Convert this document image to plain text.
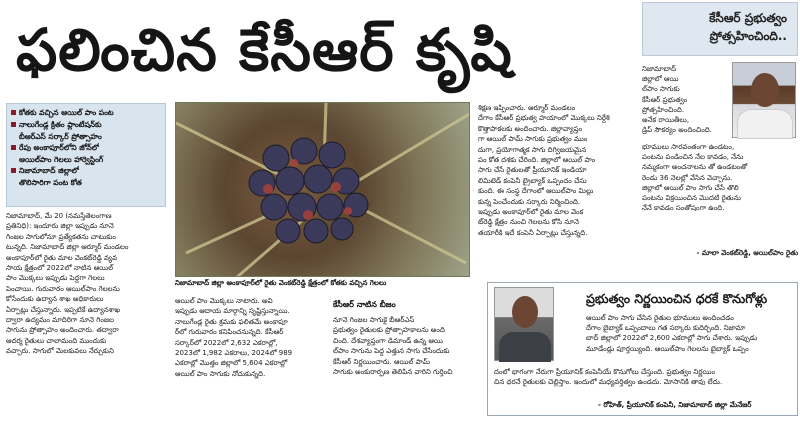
ఫలించిన కేసీఆర్ కృషి	కేసీఆర్ ప్రభుత్వం
ప్రోత్సహించింది..
నిజామాబాద్
జిల్లాలో ఆయి
ల్‌పాం సాగుకు
కేసీఆర్ ప్రభుత్వం
ప్రోత్సహించింది.
అనేక రాయితీలు,
డ్రిప్ సౌకర్యం అందించింది.
భూములు సారవంతంగా ఉండటం,
పంటను పండించిన నేల కావడం, నేను
నమ్మకంగా అంచనాలను తో ఉండటంతో
రెండు 36 నెలల్లో వేసిన వెచ్చాను.
జిల్లాలో ఆయిల్ పాం సాగు చేసే తొలి
పంటను విక్రయించిన మొదటి రైతును
నేనే కావడం సంతోషంగా ఉంది.
- మాలా వెంకట్‌రెడ్డి, ఆయిల్‌పాం రైతు
కోతకు వచ్చిన ఆయిల్ పాం పంట
నాలుగేండ్ల క్రితం ప్లాంటేషన్‌కు
బీఆర్ఎస్ సర్కార్ ప్రోత్సాహం
రేపు అంకాపూర్‌లోని జోన్‌లో
ఆయిల్‌పాం గెలలు హార్వెస్టింగ్
నిజామాబాద్ జిల్లాలో
తొలిసారిగా పంట కోత
నిజామాబాద్, మే 20 (నమస్తేతెలంగాణ
ప్రతినిధి): ఇందూరు జిల్లా ఇప్పుడు నూనె
గింజల సాగులోనూ ప్రత్యేకతను చాటుకుం
టున్నది. నిజామాబాద్ జిల్లా ఆర్మూర్ మండలం
అంకాపూర్‌లో రైతు మాల వెంకట్‌రెడ్డి వ్యవ
సాయ క్షేత్రంలో 2022లో నాటిన ఆయిల్
పాం మొక్కలు ఇప్పుడు పెద్దగా గెలలు
పెంచాయి. గురువారం ఆయిల్‌పాం గెలలను
కోసేందుకు ఉద్యాన శాఖ అధికారులు
ఏర్పాట్లు చేస్తున్నారు. ఇప్పటికే ఉద్యానశాఖ
ద్వారా ఉద్యమం మాదిరిగా నూనె గింజల
సాగును ప్రోత్సాహం అందించారు. తద్వారా
ఆదర్శ రైతులు చాలామంది ముందుకు
వచ్చారు. సాగులో మెలకువలు నేర్చుకుని
నిజామాబాద్ జిల్లా అంకాపూర్‌లో రైతు వెంకట్‌రెడ్డి క్షేత్రంలో కోతకు వచ్చిన గెలలు
ఆయిల్ పాం మొక్కలు నాటారు. అవి
ఇప్పుడు ఆదాయ మార్గాన్ని సృష్టిస్తున్నాయి.
నాలుగేండ్ల రైతు శ్రమకు ఫలితమే అంకాపూ
ర్‌లో గురువారం కనిపించనున్నది. కేసీఆర్
సర్కార్‌లో 2022లో 2,632 ఎకరాల్లో,
2023లో 1,982 ఎకరాలు, 2024లో 989
ఎకరాల్లో మొత్తం జిల్లాలో 5,604 ఎకరాల్లో
ఆయిల్ పాం సాగుకు నోచుకున్నది.
శిక్షణ ఇప్పించారు. ఆర్మూర్ మండలం
దేగాం కేసీఆర్ ప్రభుత్వ హయాంలో మొక్కలు నిర్దేశి
కొత్తాపాకలకు అందించారు. జిల్లావ్యాప్తం
గా ఆయిల్ పామ్ సాగుకు ప్రభుత్వం ముం
దుగా, ప్రయోగాత్మక సాగు దిగ్విజయమైన
పం కోత దశకు చేరింది. జిల్లాలో ఆయిల్ పాం
సాగు చేసే రైతులతో ప్రీయూనిక్ ఇండియా
లిమిటెడ్ కంపెనీ బ్రైబ్యాక్ ఒప్పందం చేసు
కుంది. ఈ సంస్థ దేగాంలో ఆయిల్‌పాం మిల్లు
కున్న పెంచేందుకు సర్కారు నిర్మించింది.
ఇప్పుడు అంకాపూర్‌లో రైతు మాల వెంక
ట్‌రెడ్డి క్షేత్రం నుంచి గెలలను కోసి నూనె
తయారీకి ఇదే కంపెనీ ఏర్పాట్లు చేస్తున్నది.
కేసీఆర్ నాటిన బీజం
నూనె గింజల సాగుకై బీఆర్ఎస్
ప్రభుత్వం రైతులకు ప్రోత్సాహకాలను అంది
చింది. దేశవ్యాప్తంగా డిమాండ్ ఉన్న ఆయి
ల్‌పాం సాగును పెద్ద ఎత్తున సాగు చేసేందుకు
కేసీఆర్ నిర్ణయించారు. ఆయిల్ పామ్
సాగుకు అంకురార్పణ తెలిపిన వారిని గుర్తించి
ప్రభుత్వం నిర్ణయించిన ధరకే కొనుగోళ్లు
ఆయిల్ పాం సాగు చేసిన రైతుల భూములు అందించడం
దేగాం బైబ్యాక్ ఒప్పందాలు గత సర్కారు కుదిర్చింది. నిజామా
బాద్ జిల్లాలో 2022లో 2,600 ఎకరాల్లో సాగు చేశారు. ఇప్పుడు
మూడేండ్లు పూర్తయ్యింది. ఆయిల్‌పాం గెలలను బైబ్యాక్ ఒప్పం
దంలో భాగంగా నేరుగా ప్రీయూనిక్ కంపెనీయే కొనుగోలు చేస్తుంది. ప్రభుత్వం నిర్ణయిం
చిన ధరనే రైతులకు చెల్లిస్తాం. ఇందులో మధ్యవర్తిత్వం ఉండదు. మోసానికి తావు లేదు.
- రోహిత్, ప్రీయూనిక్ కంపెనీ, నిజామాబాద్ జిల్లా మేనేజర్
